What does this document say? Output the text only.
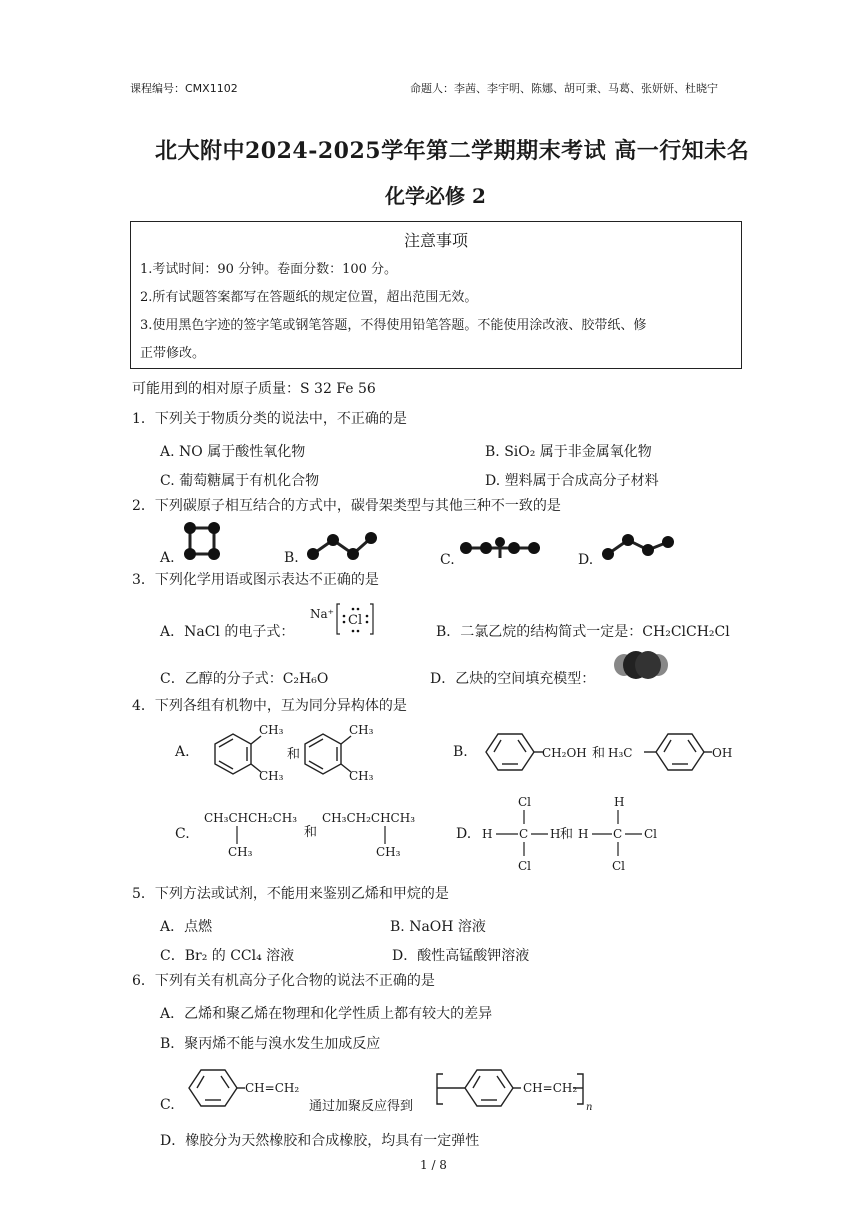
课程编号：CMX1102	命题人：李茜、李宇明、陈娜、胡可秉、马葛、张妍妍、杜晓宁
北大附中2024-2025学年第二学期期末考试 高一行知未名
化学必修 2
注意事项
1.考试时间：90 分钟。卷面分数：100 分。
2.所有试题答案都写在答题纸的规定位置，超出范围无效。
3.使用黑色字迹的签字笔或钢笔答题，不得使用铅笔答题。不能使用涂改液、胶带纸、修
正带修改。
可能用到的相对原子质量：S 32 Fe 56
1．下列关于物质分类的说法中，不正确的是
A. NO 属于酸性氧化物	B. SiO₂ 属于非金属氧化物
C. 葡萄糖属于有机化合物	D. 塑料属于合成高分子材料
2．下列碳原子相互结合的方式中，碳骨架类型与其他三种不一致的是
A.	B.	C.	D.
3．下列化学用语或图示表达不正确的是
A．NaCl 的电子式：
Na⁺ Cl
B．二氯乙烷的结构简式一定是：CH₂ClCH₂Cl
C．乙醇的分子式：C₂H₆O	D．乙炔的空间填充模型：
4．下列各组有机物中，互为同分异构体的是
A.
CH₃
CH₃
和
CH₃
CH₃
B.	CH₂OH 和 H₃C	OH
C.
CH₃CHCH₂CH₃
CH₃
和
CH₃CH₂CHCH₃
CH₃
D.
Cl
H C H
Cl
和
H
H C Cl
Cl
5．下列方法或试剂，不能用来鉴别乙烯和甲烷的是
A．点燃	B. NaOH 溶液
C．Br₂ 的 CCl₄ 溶液	D．酸性高锰酸钾溶液
6．下列有关有机高分子化合物的说法不正确的是
A．乙烯和聚乙烯在物理和化学性质上都有较大的差异
B．聚丙烯不能与溴水发生加成反应
C.
CH=CH₂
通过加聚反应得到
CH=CH₂
n
D．橡胶分为天然橡胶和合成橡胶，均具有一定弹性
1 / 8
